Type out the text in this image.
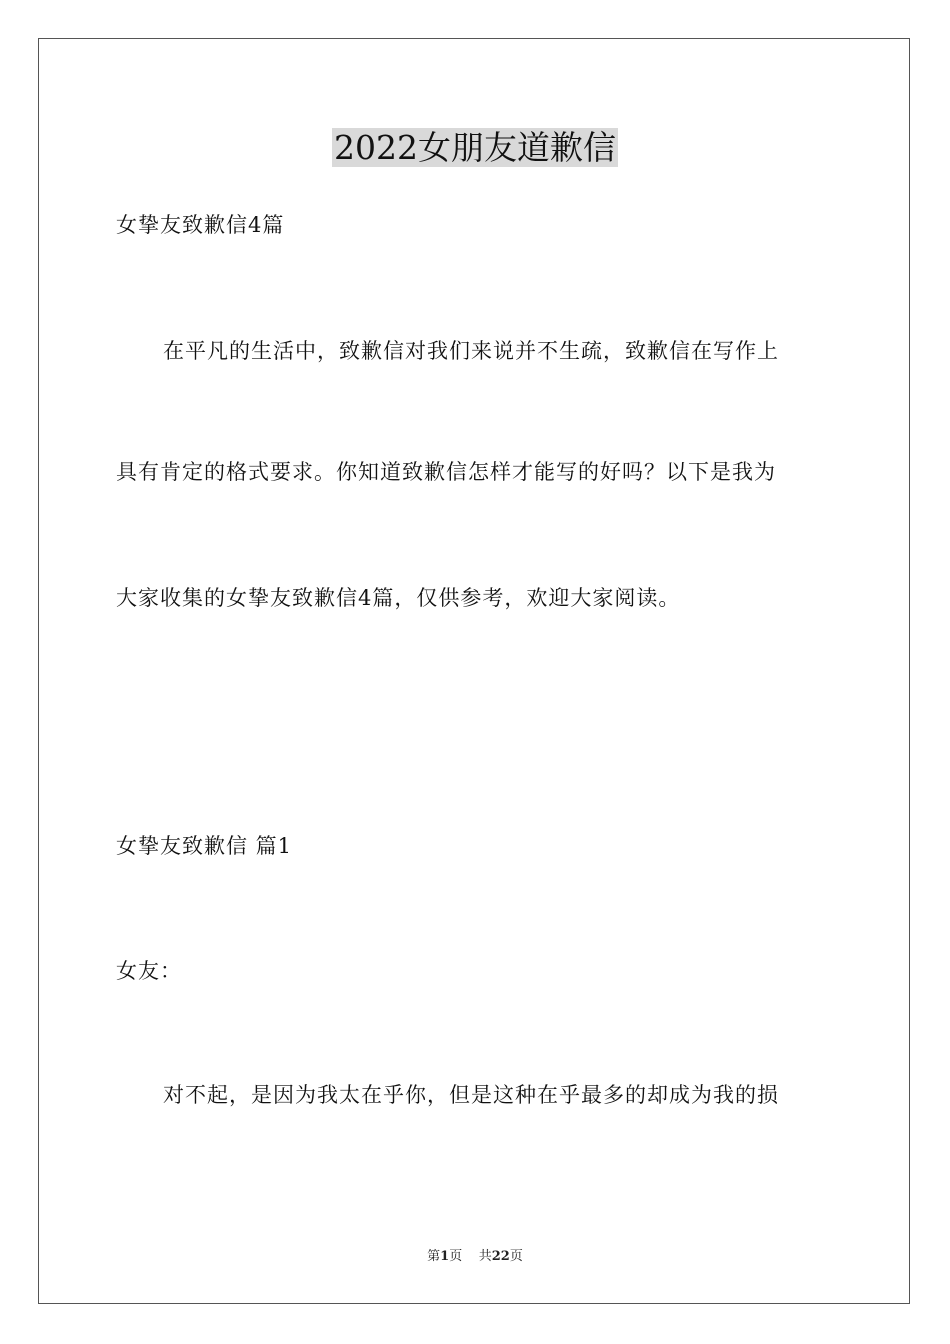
2022女朋友道歉信
女挚友致歉信4篇
在平凡的生活中，致歉信对我们来说并不生疏，致歉信在写作上
具有肯定的格式要求。你知道致歉信怎样才能写的好吗？以下是我为
大家收集的女挚友致歉信4篇，仅供参考，欢迎大家阅读。
女挚友致歉信 篇1
女友：
对不起，是因为我太在乎你，但是这种在乎最多的却成为我的损
第1页 共22页
